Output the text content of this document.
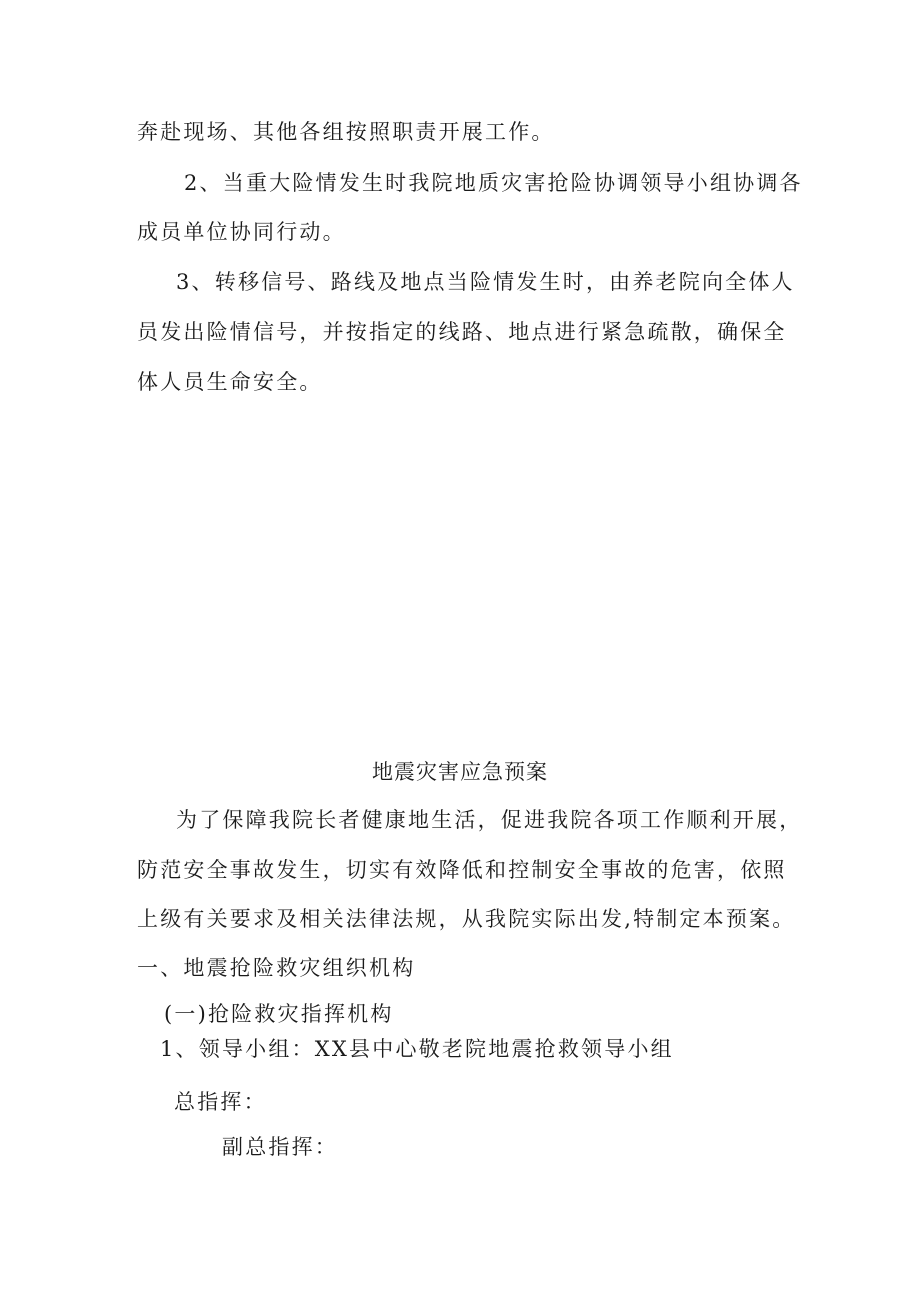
奔赴现场、其他各组按照职责开展工作。
2、当重大险情发生时我院地质灾害抢险协调领导小组协调各
成员单位协同行动。
3、转移信号、路线及地点当险情发生时，由养老院向全体人
员发出险情信号，并按指定的线路、地点进行紧急疏散，确保全
体人员生命安全。
地震灾害应急预案
为了保障我院长者健康地生活，促进我院各项工作顺利开展，
防范安全事故发生，切实有效降低和控制安全事故的危害，依照
上级有关要求及相关法律法规，从我院实际出发,特制定本预案。
一、地震抢险救灾组织机构
(一)抢险救灾指挥机构
1、领导小组：XX县中心敬老院地震抢救领导小组
总指挥：
副总指挥：
